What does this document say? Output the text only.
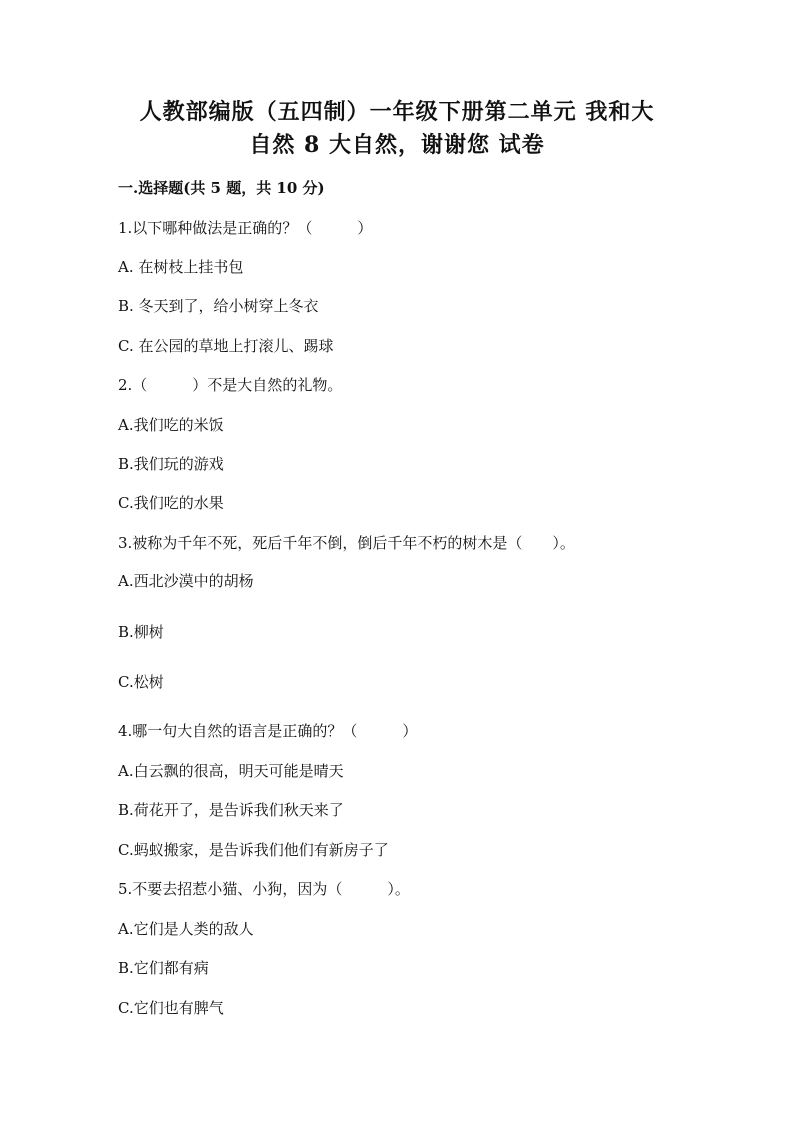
人教部编版（五四制）一年级下册第二单元 我和大
自然 8 大自然，谢谢您 试卷
一.选择题(共 5 题，共 10 分)
1.以下哪种做法是正确的？（　　　）
A. 在树枝上挂书包
B. 冬天到了，给小树穿上冬衣
C. 在公园的草地上打滚儿、踢球
2.（　　　）不是大自然的礼物。
A.我们吃的米饭
B.我们玩的游戏
C.我们吃的水果
3.被称为千年不死，死后千年不倒，倒后千年不朽的树木是（　　）。
A.西北沙漠中的胡杨
B.柳树
C.松树
4.哪一句大自然的语言是正确的？（　　　）
A.白云飘的很高，明天可能是晴天
B.荷花开了，是告诉我们秋天来了
C.蚂蚁搬家，是告诉我们他们有新房子了
5.不要去招惹小猫、小狗，因为（　　　）。
A.它们是人类的敌人
B.它们都有病
C.它们也有脾气
